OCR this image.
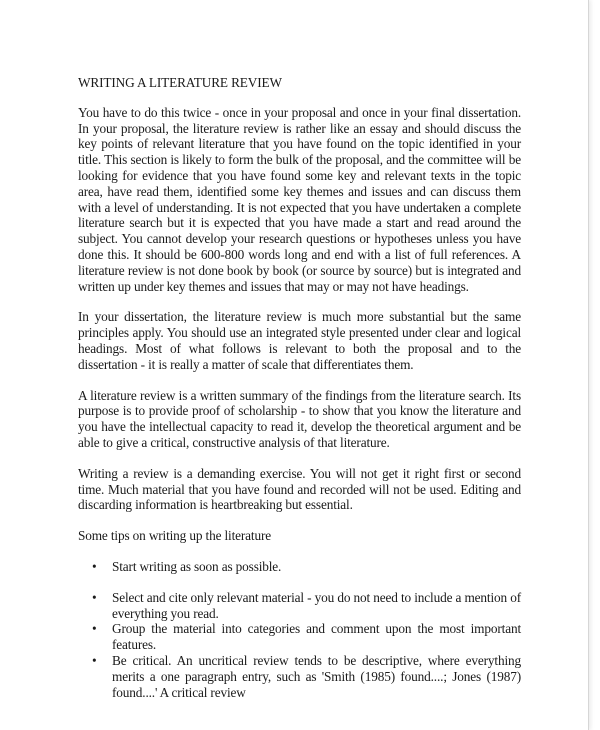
WRITING A LITERATURE REVIEW

You have to do this twice - once in your proposal and once in your final dissertation. In your proposal, the literature review is rather like an essay and should discuss the key points of relevant literature that you have found on the topic identified in your title. This section is likely to form the bulk of the proposal, and the committee will be looking for evidence that you have found some key and relevant texts in the topic area, have read them, identified some key themes and issues and can discuss them with a level of understanding. It is not expected that you have undertaken a complete literature search but it is expected that you have made a start and read around the subject. You cannot develop your research questions or hypotheses unless you have done this. It should be 600-800 words long and end with a list of full references. A literature review is not done book by book (or source by source) but is integrated and written up under key themes and issues that may or may not have headings.

In your dissertation, the literature review is much more substantial but the same principles apply. You should use an integrated style presented under clear and logical headings. Most of what follows is relevant to both the proposal and to the dissertation - it is really a matter of scale that differentiates them.

A literature review is a written summary of the findings from the literature search. Its purpose is to provide proof of scholarship - to show that you know the literature and you have the intellectual capacity to read it, develop the theoretical argument and be able to give a critical, constructive analysis of that literature.

Writing a review is a demanding exercise. You will not get it right first or second time. Much material that you have found and recorded will not be used. Editing and discarding information is heartbreaking but essential.

Some tips on writing up the literature
• Start writing as soon as possible.
• Select and cite only relevant material - you do not need to include a mention of everything you read.
• Group the material into categories and comment upon the most important features.
• Be critical. An uncritical review tends to be descriptive, where everything merits a one paragraph entry, such as 'Smith (1985) found....; Jones (1987) found....' A critical review
